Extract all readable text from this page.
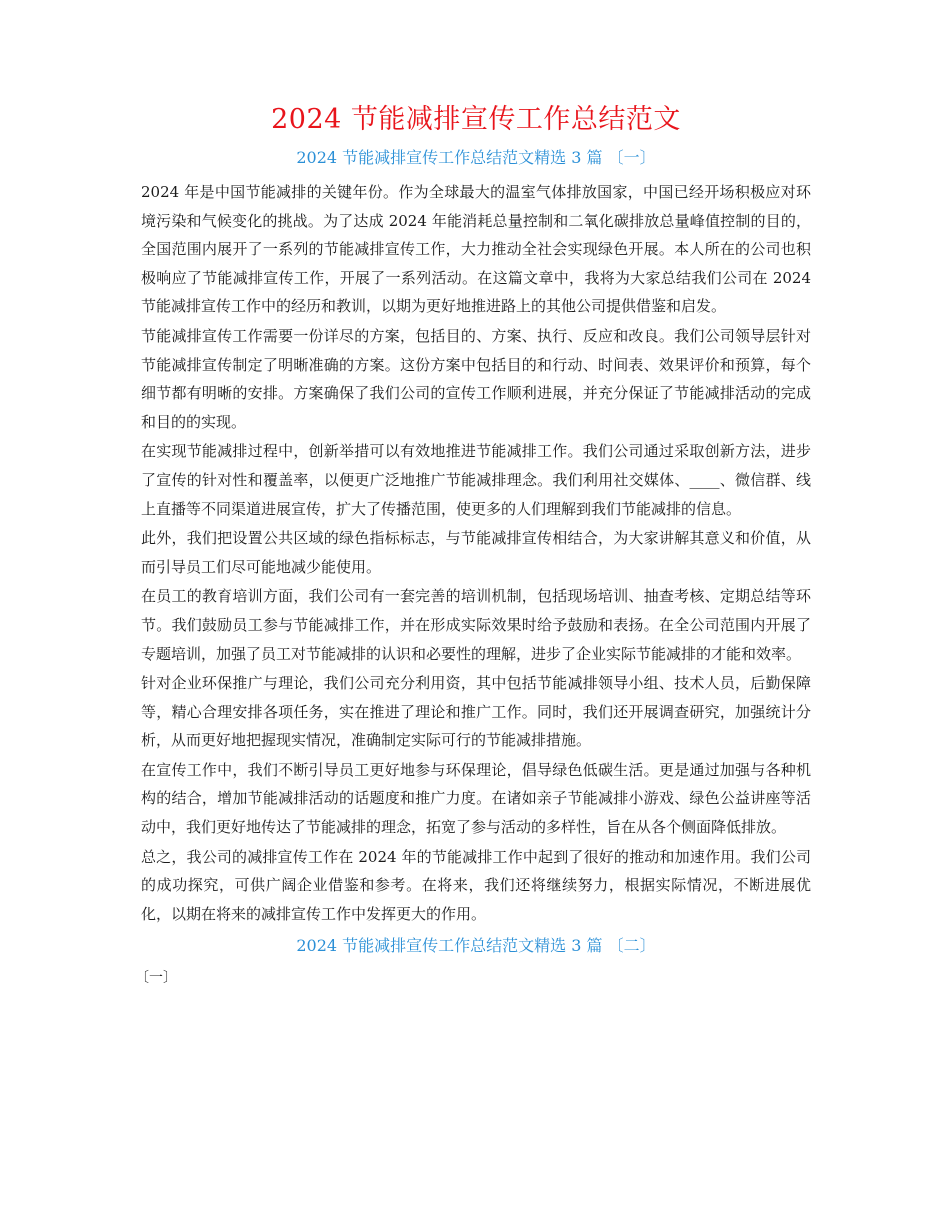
2024 节能减排宣传工作总结范文
2024 节能减排宣传工作总结范文精选 3 篇 〔一〕

2024 年是中国节能减排的关键年份。作为全球最大的温室气体排放国家，中国已经开场积极应对环境污染和气候变化的挑战。为了达成 2024 年能消耗总量控制和二氧化碳排放总量峰值控制的目的，全国范围内展开了一系列的节能减排宣传工作，大力推动全社会实现绿色开展。本人所在的公司也积极响应了节能减排宣传工作，开展了一系列活动。在这篇文章中，我将为大家总结我们公司在 2024 节能减排宣传工作中的经历和教训，以期为更好地推进路上的其他公司提供借鉴和启发。

节能减排宣传工作需要一份详尽的方案，包括目的、方案、执行、反应和改良。我们公司领导层针对节能减排宣传制定了明晰准确的方案。这份方案中包括目的和行动、时间表、效果评价和预算，每个细节都有明晰的安排。方案确保了我们公司的宣传工作顺利进展，并充分保证了节能减排活动的完成和目的的实现。

在实现节能减排过程中，创新举措可以有效地推进节能减排工作。我们公司通过采取创新方法，进步了宣传的针对性和覆盖率，以便更广泛地推广节能减排理念。我们利用社交媒体、____、微信群、线上直播等不同渠道进展宣传，扩大了传播范围，使更多的人们理解到我们节能减排的信息。

此外，我们把设置公共区域的绿色指标标志，与节能减排宣传相结合，为大家讲解其意义和价值，从而引导员工们尽可能地减少能使用。

在员工的教育培训方面，我们公司有一套完善的培训机制，包括现场培训、抽查考核、定期总结等环节。我们鼓励员工参与节能减排工作，并在形成实际效果时给予鼓励和表扬。在全公司范围内开展了专题培训，加强了员工对节能减排的认识和必要性的理解，进步了企业实际节能减排的才能和效率。

针对企业环保推广与理论，我们公司充分利用资，其中包括节能减排领导小组、技术人员，后勤保障等，精心合理安排各项任务，实在推进了理论和推广工作。同时，我们还开展调查研究，加强统计分析，从而更好地把握现实情况，准确制定实际可行的节能减排措施。

在宣传工作中，我们不断引导员工更好地参与环保理论，倡导绿色低碳生活。更是通过加强与各种机构的结合，增加节能减排活动的话题度和推广力度。在诸如亲子节能减排小游戏、绿色公益讲座等活动中，我们更好地传达了节能减排的理念，拓宽了参与活动的多样性，旨在从各个侧面降低排放。

总之，我公司的减排宣传工作在 2024 年的节能减排工作中起到了很好的推动和加速作用。我们公司的成功探究，可供广阔企业借鉴和参考。在将来，我们还将继续努力，根据实际情况，不断进展优化，以期在将来的减排宣传工作中发挥更大的作用。

2024 节能减排宣传工作总结范文精选 3 篇 〔二〕
〔一〕
